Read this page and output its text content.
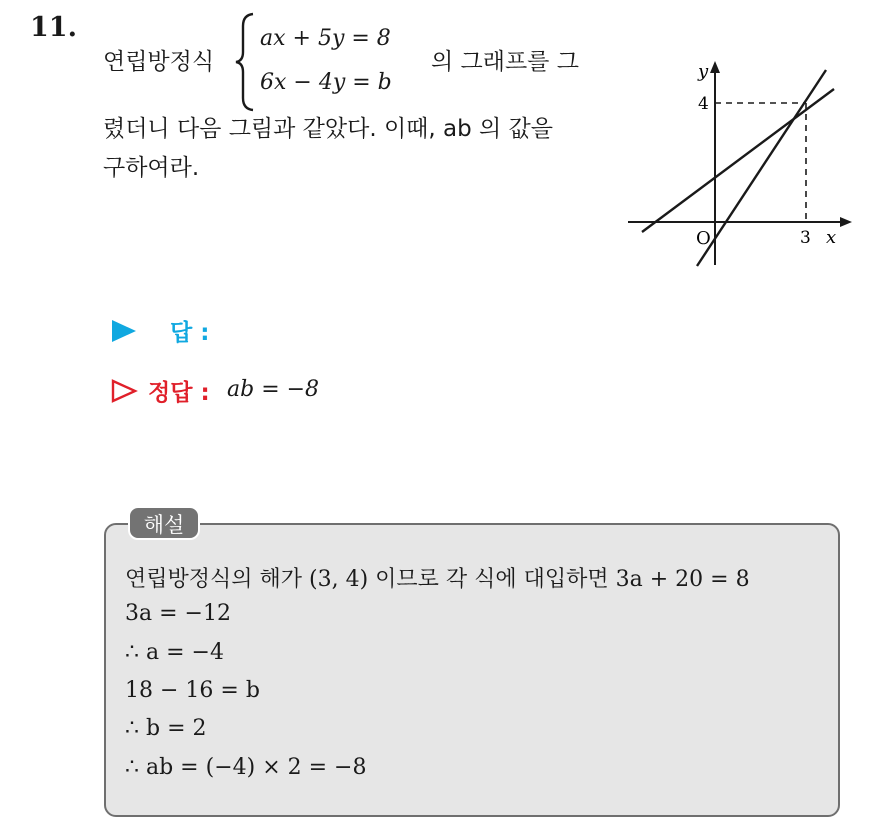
11.
연립방정식
ax + 5y = 8
6x − 4y = b
의 그래프를 그
렸더니 다음 그림과 같았다. 이때, ab 의 값을
구하여라.
y
4
O	3 x
답 :
정답 : ab = −8
해설
연립방정식의 해가 (3, 4) 이므로 각 식에 대입하면 3a + 20 = 8
3a = −12
∴ a = −4
18 − 16 = b
∴ b = 2
∴ ab = (−4) × 2 = −8
